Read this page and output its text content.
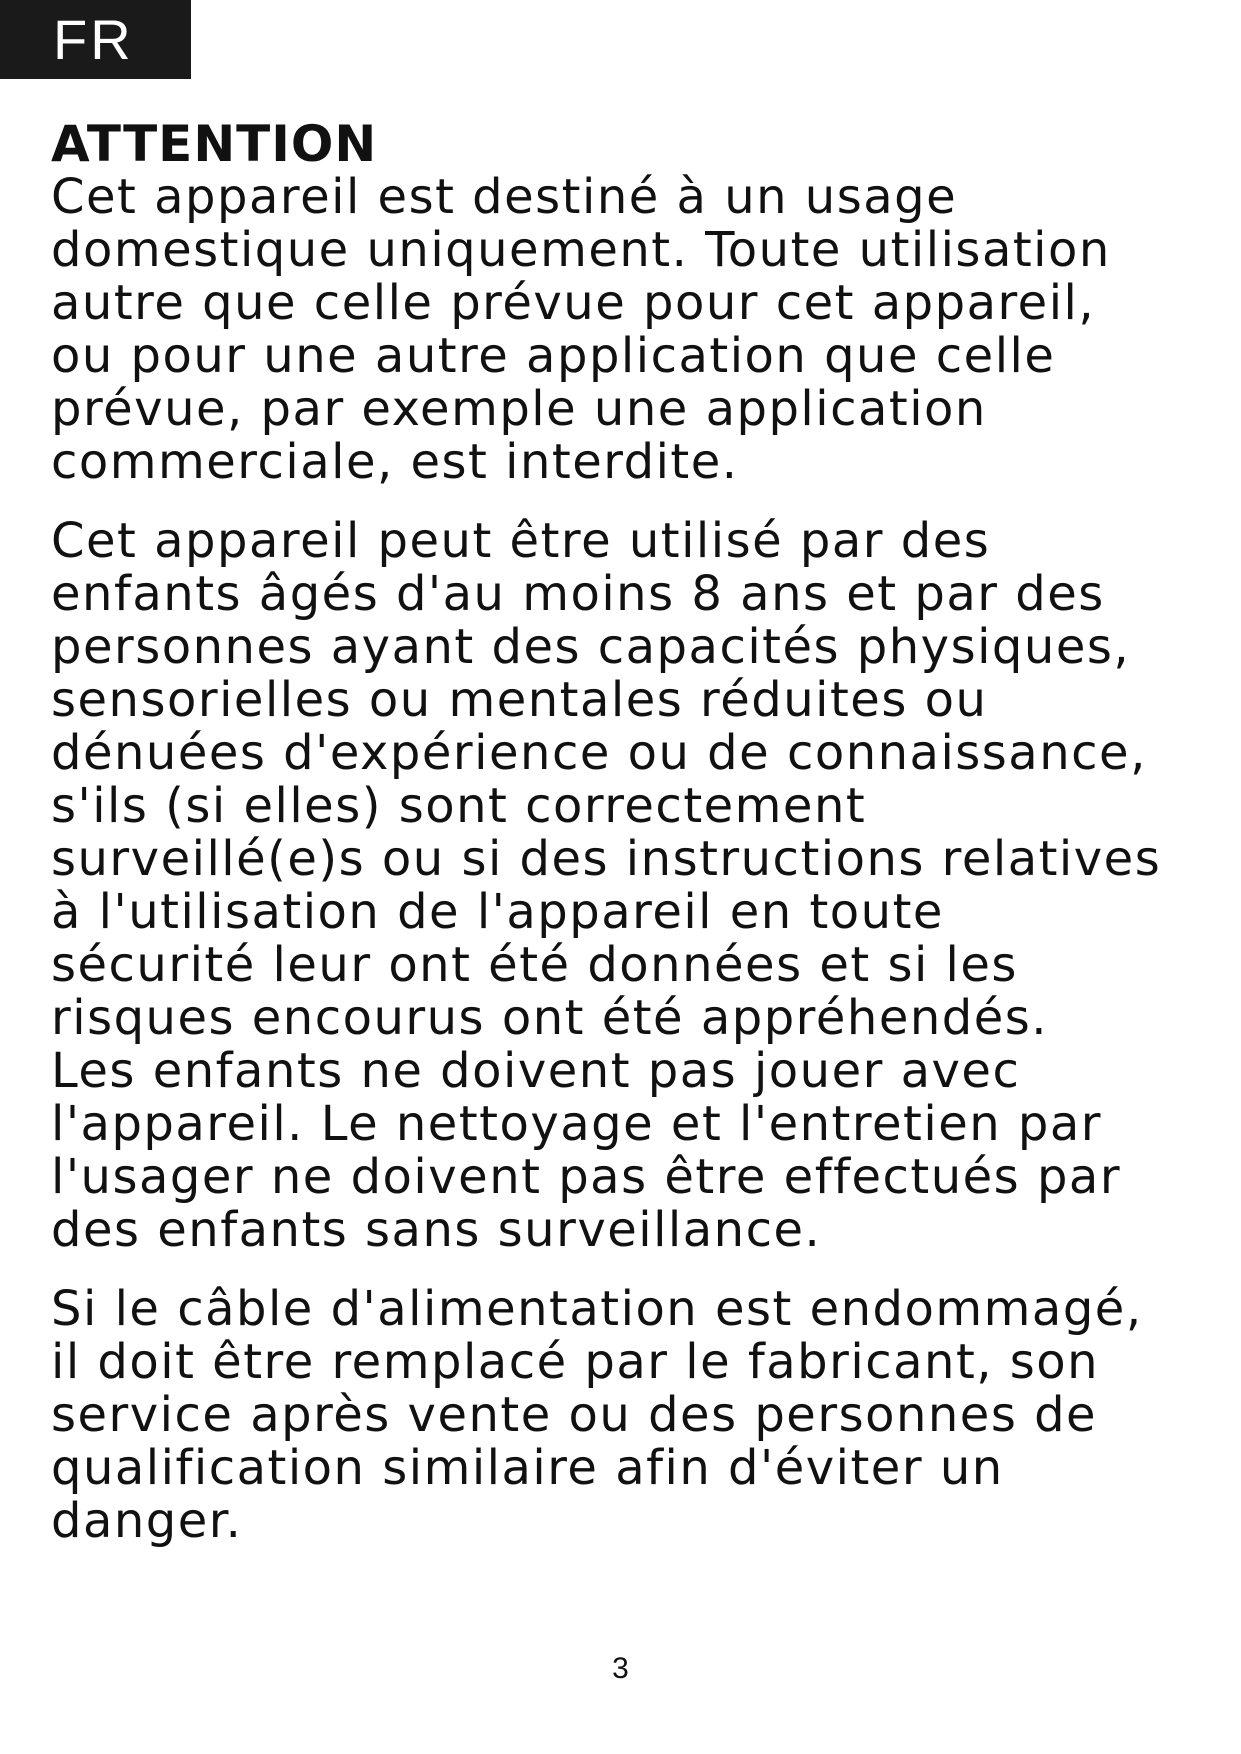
FR
ATTENTION

Cet appareil est destiné à un usage
domestique uniquement. Toute utilisation
autre que celle prévue pour cet appareil,
ou pour une autre application que celle
prévue, par exemple une application
commerciale, est interdite.

Cet appareil peut être utilisé par des
enfants âgés d'au moins 8 ans et par des
personnes ayant des capacités physiques,
sensorielles ou mentales réduites ou
dénuées d'expérience ou de connaissance,
s'ils (si elles) sont correctement
surveillé(e)s ou si des instructions relatives
à l'utilisation de l'appareil en toute
sécurité leur ont été données et si les
risques encourus ont été appréhendés.
Les enfants ne doivent pas jouer avec
l'appareil. Le nettoyage et l'entretien par
l'usager ne doivent pas être effectués par
des enfants sans surveillance.

Si le câble d'alimentation est endommagé,
il doit être remplacé par le fabricant, son
service après vente ou des personnes de
qualification similaire afin d'éviter un
danger.

3
